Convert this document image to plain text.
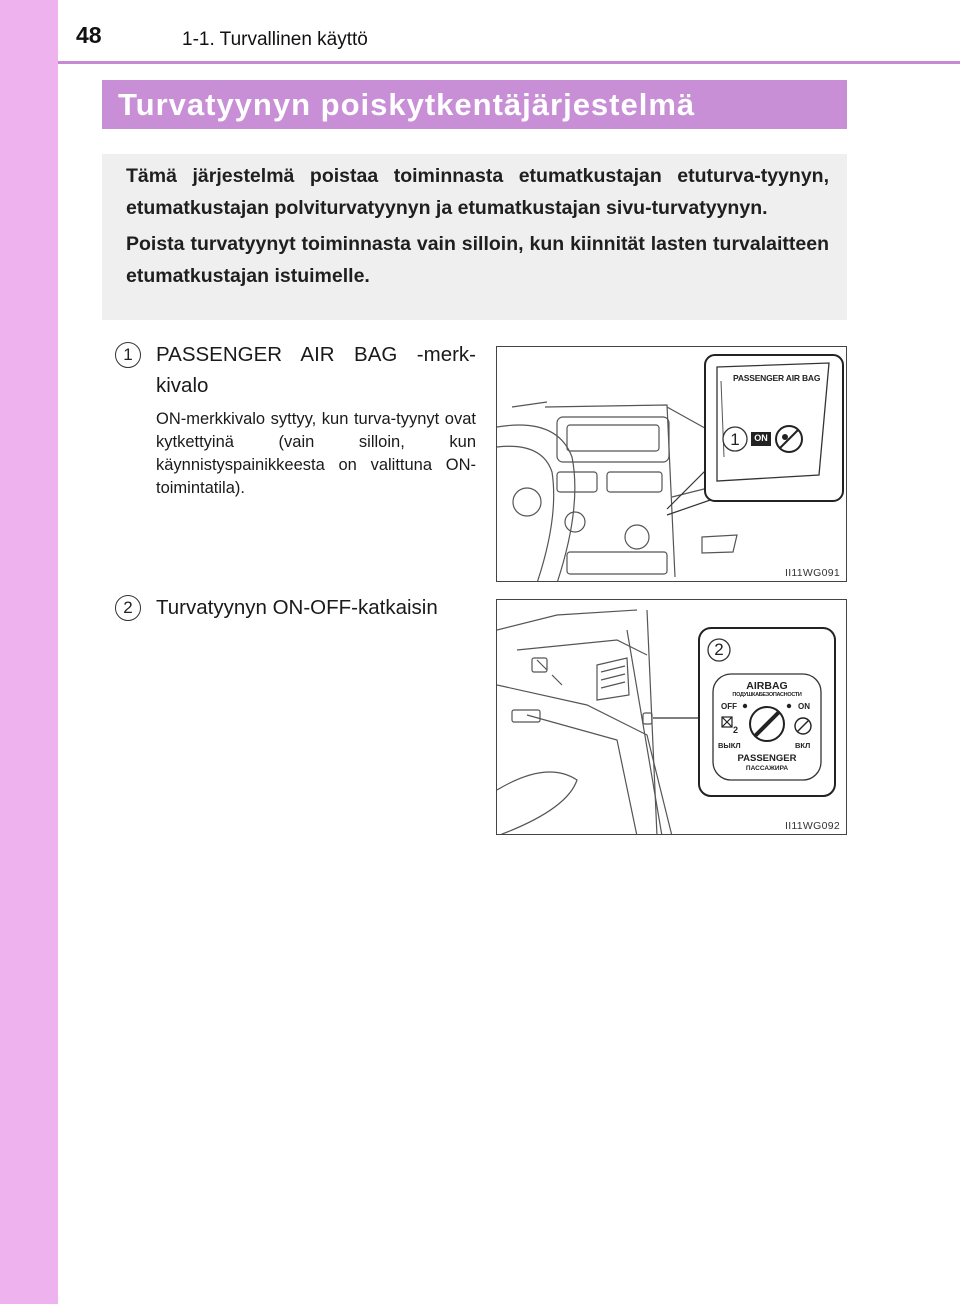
48	1-1. Turvallinen käyttö
Turvatyynyn poiskytkentäjärjestelmä

Tämä järjestelmä poistaa toiminnasta etumatkustajan etuturva-tyynyn, etumatkustajan polviturvatyynyn ja etumatkustajan sivu-turvatyynyn.

Poista turvatyynyt toiminnasta vain silloin, kun kiinnität lasten turvalaitteen etumatkustajan istuimelle.

1	PASSENGER AIR BAG -merk-kivalo
ON-merkkivalo syttyy, kun turva-tyynyt ovat kytkettyinä (vain silloin, kun käynnistyspainikkeesta on valittuna ON-toimintatila).
2	Turvatyynyn ON-OFF-katkaisin
PASSENGER AIR BAG
1	ON
II11WG091
2
AIRBAG
ПОДУШКАБЕЗОПАСНОСТИ
OFF	ON
2
ВЫКЛ	ВКЛ
PASSENGER
ПАССАЖИРА
II11WG092
